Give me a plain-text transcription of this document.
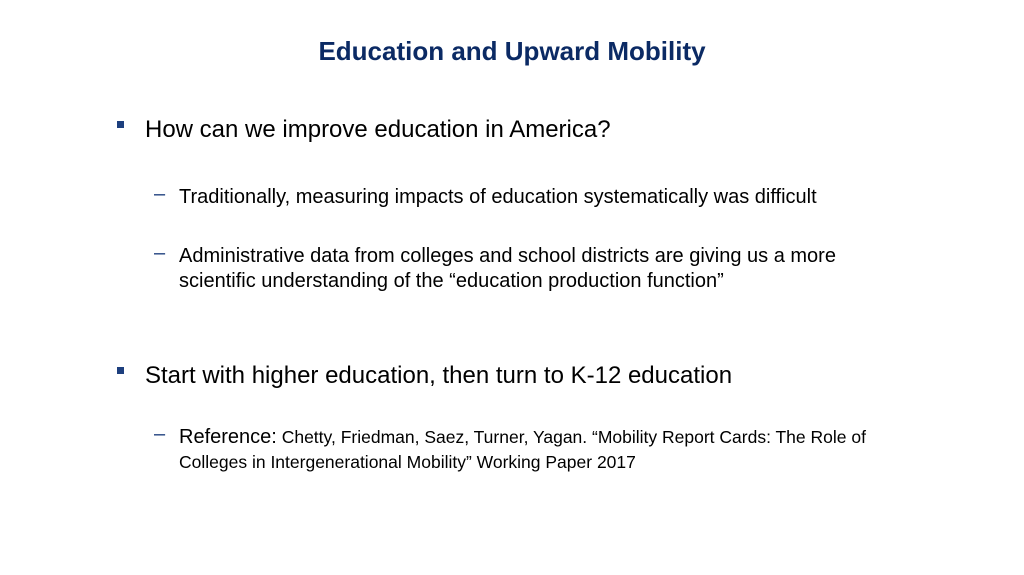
Education and Upward Mobility
How can we improve education in America?
– Traditionally, measuring impacts of education systematically was difficult
– Administrative data from colleges and school districts are giving us a more scientific understanding of the “education production function”
Start with higher education, then turn to K-12 education
– Reference: Chetty, Friedman, Saez, Turner, Yagan. “Mobility Report Cards: The Role of Colleges in Intergenerational Mobility” Working Paper 2017
